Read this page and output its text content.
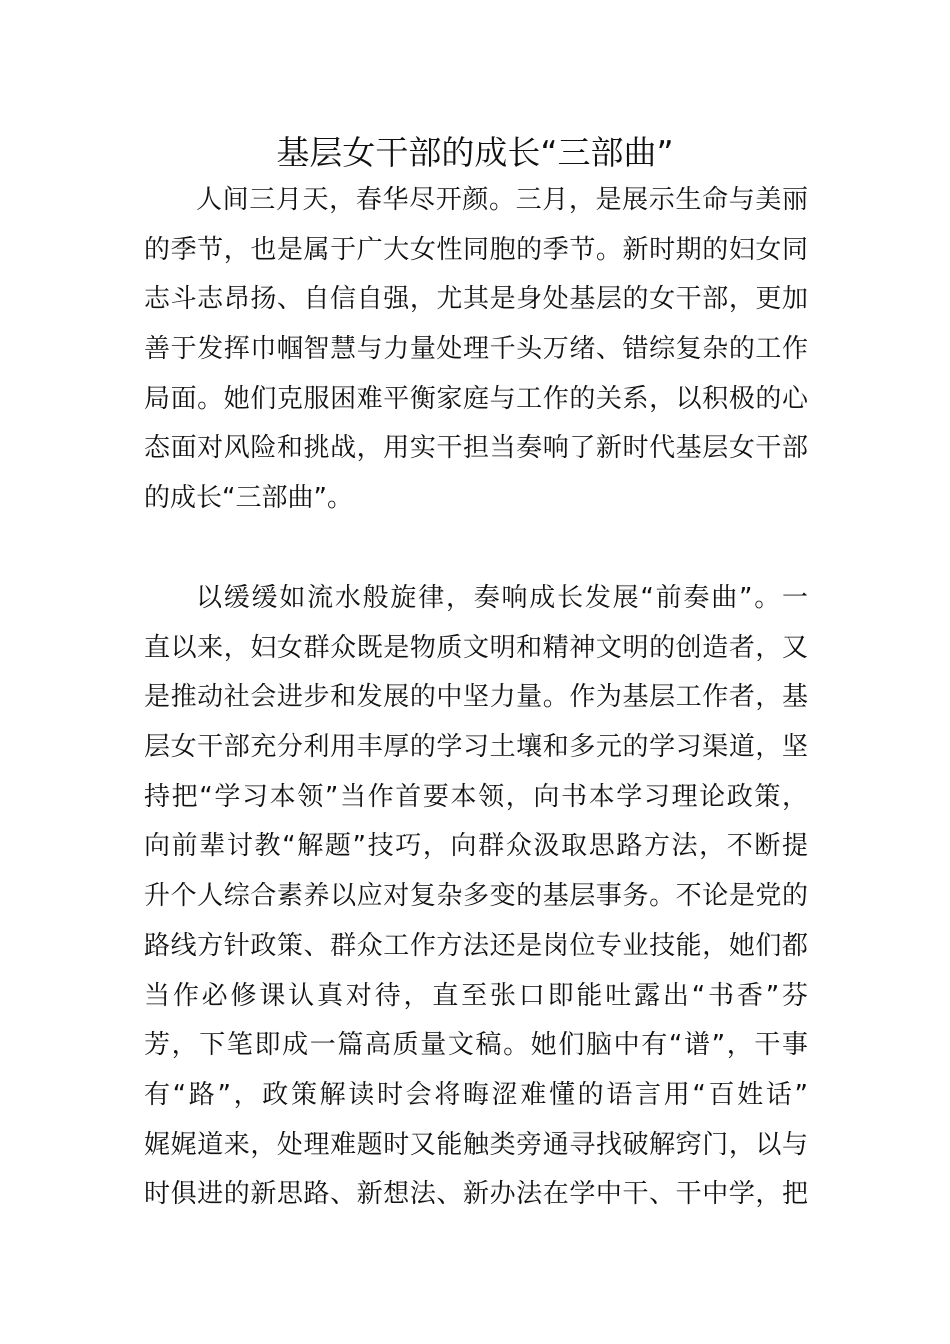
基层女干部的成长“三部曲”
人间三月天，春华尽开颜。三月，是展示生命与美丽
的季节，也是属于广大女性同胞的季节。新时期的妇女同
志斗志昂扬、自信自强，尤其是身处基层的女干部，更加
善于发挥巾帼智慧与力量处理千头万绪、错综复杂的工作
局面。她们克服困难平衡家庭与工作的关系，以积极的心
态面对风险和挑战，用实干担当奏响了新时代基层女干部
的成长“三部曲”。
以缓缓如流水般旋律，奏响成长发展“前奏曲”。一
直以来，妇女群众既是物质文明和精神文明的创造者，又
是推动社会进步和发展的中坚力量。作为基层工作者，基
层女干部充分利用丰厚的学习土壤和多元的学习渠道，坚
持把“学习本领”当作首要本领，向书本学习理论政策，
向前辈讨教“解题”技巧，向群众汲取思路方法，不断提
升个人综合素养以应对复杂多变的基层事务。不论是党的
路线方针政策、群众工作方法还是岗位专业技能，她们都
当作必修课认真对待，直至张口即能吐露出“书香”芬
芳，下笔即成一篇高质量文稿。她们脑中有“谱”，干事
有“路”，政策解读时会将晦涩难懂的语言用“百姓话”
娓娓道来，处理难题时又能触类旁通寻找破解窍门，以与
时俱进的新思路、新想法、新办法在学中干、干中学，把
